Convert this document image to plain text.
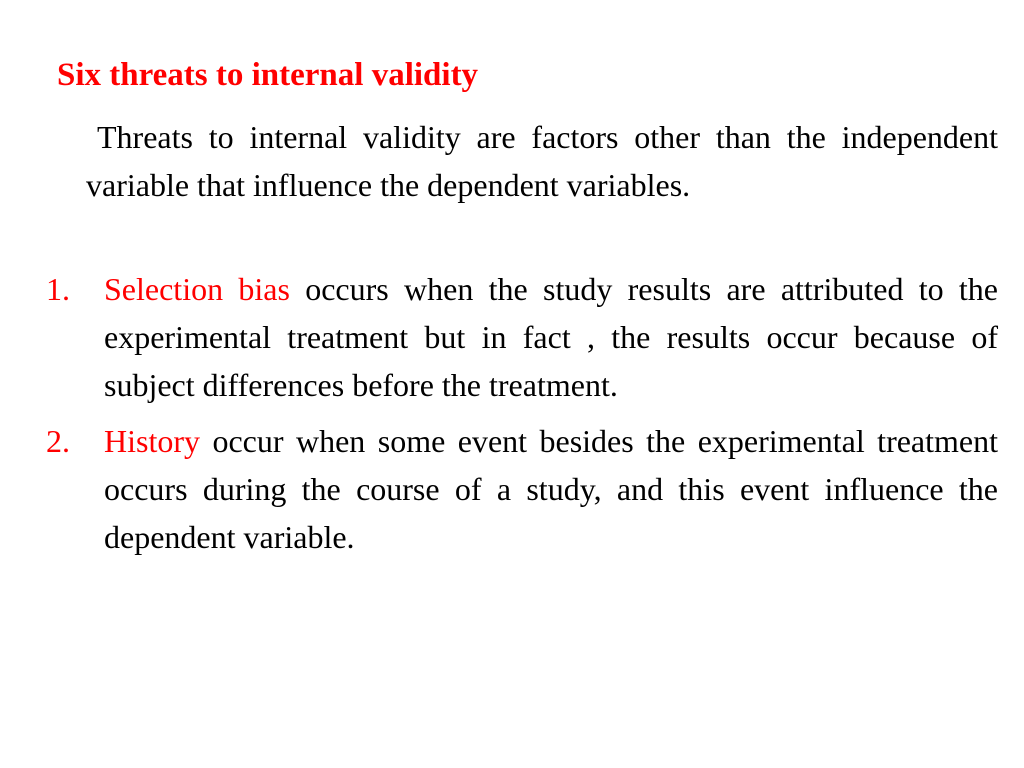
Six threats to internal validity
Threats to internal validity are factors other than the independent variable that influence the dependent variables.
1. Selection bias occurs when the study results are attributed to the experimental treatment but in fact , the results occur because of subject differences before the treatment.
2. History occur when some event besides the experimental treatment occurs during the course of a study, and this event influence the dependent variable.
